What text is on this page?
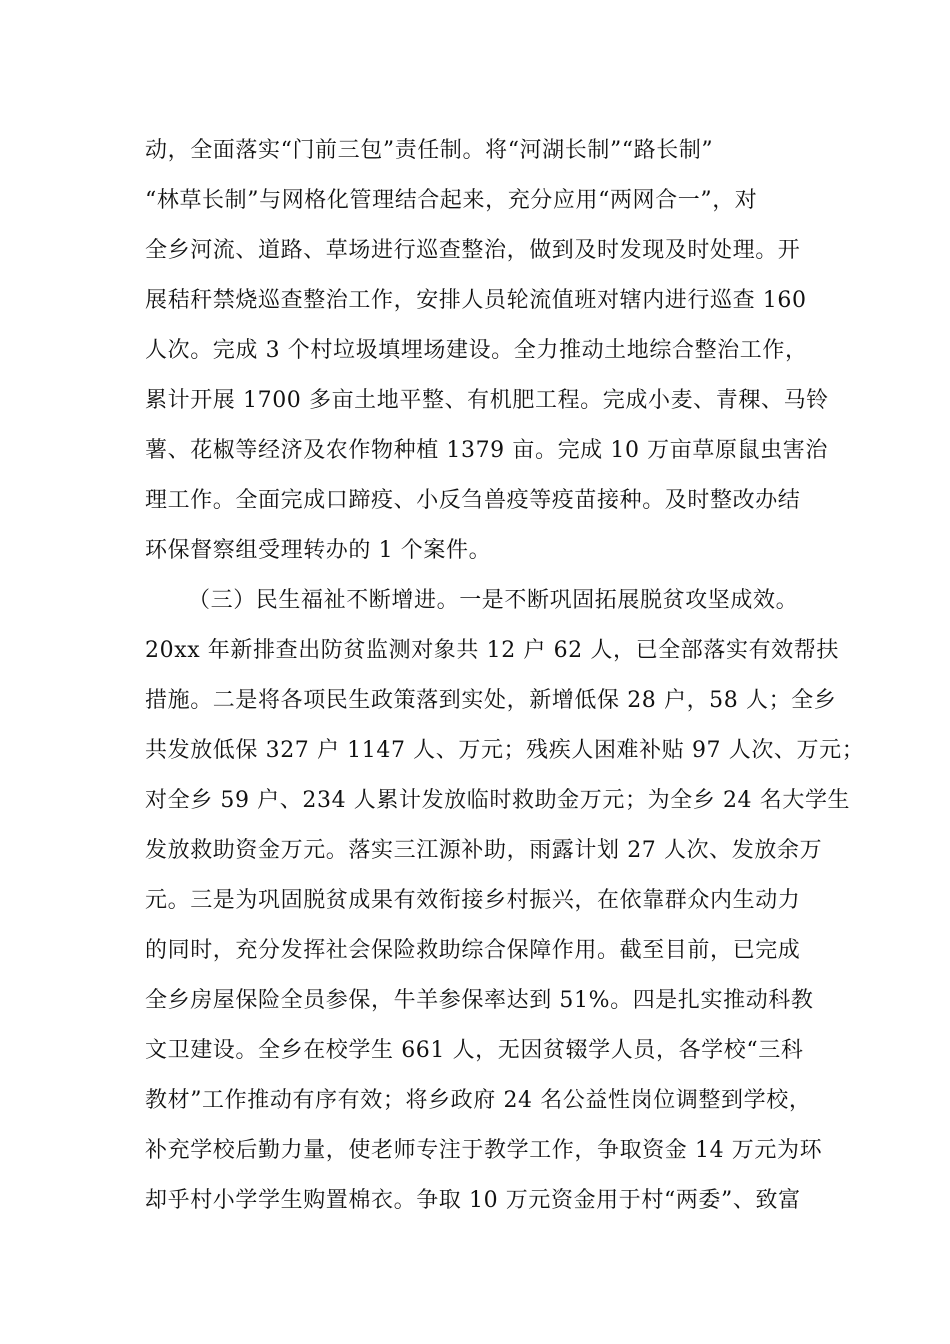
动，全面落实“门前三包”责任制。将“河湖长制”“路长制”
“林草长制”与网格化管理结合起来，充分应用“两网合一”，对
全乡河流、道路、草场进行巡查整治，做到及时发现及时处理。开
展秸秆禁烧巡查整治工作，安排人员轮流值班对辖内进行巡查 160
人次。完成 3 个村垃圾填埋场建设。全力推动土地综合整治工作，
累计开展 1700 多亩土地平整、有机肥工程。完成小麦、青稞、马铃
薯、花椒等经济及农作物种植 1379 亩。完成 10 万亩草原鼠虫害治
理工作。全面完成口蹄疫、小反刍兽疫等疫苗接种。及时整改办结
环保督察组受理转办的 1 个案件。
（三）民生福祉不断增进。一是不断巩固拓展脱贫攻坚成效。
20xx 年新排查出防贫监测对象共 12 户 62 人，已全部落实有效帮扶
措施。二是将各项民生政策落到实处，新增低保 28 户，58 人；全乡
共发放低保 327 户 1147 人、万元；残疾人困难补贴 97 人次、万元；
对全乡 59 户、234 人累计发放临时救助金万元；为全乡 24 名大学生
发放救助资金万元。落实三江源补助，雨露计划 27 人次、发放余万
元。三是为巩固脱贫成果有效衔接乡村振兴，在依靠群众内生动力
的同时，充分发挥社会保险救助综合保障作用。截至目前，已完成
全乡房屋保险全员参保，牛羊参保率达到 51%。四是扎实推动科教
文卫建设。全乡在校学生 661 人，无因贫辍学人员，各学校“三科
教材”工作推动有序有效；将乡政府 24 名公益性岗位调整到学校，
补充学校后勤力量，使老师专注于教学工作，争取资金 14 万元为环
却乎村小学学生购置棉衣。争取 10 万元资金用于村“两委”、致富
